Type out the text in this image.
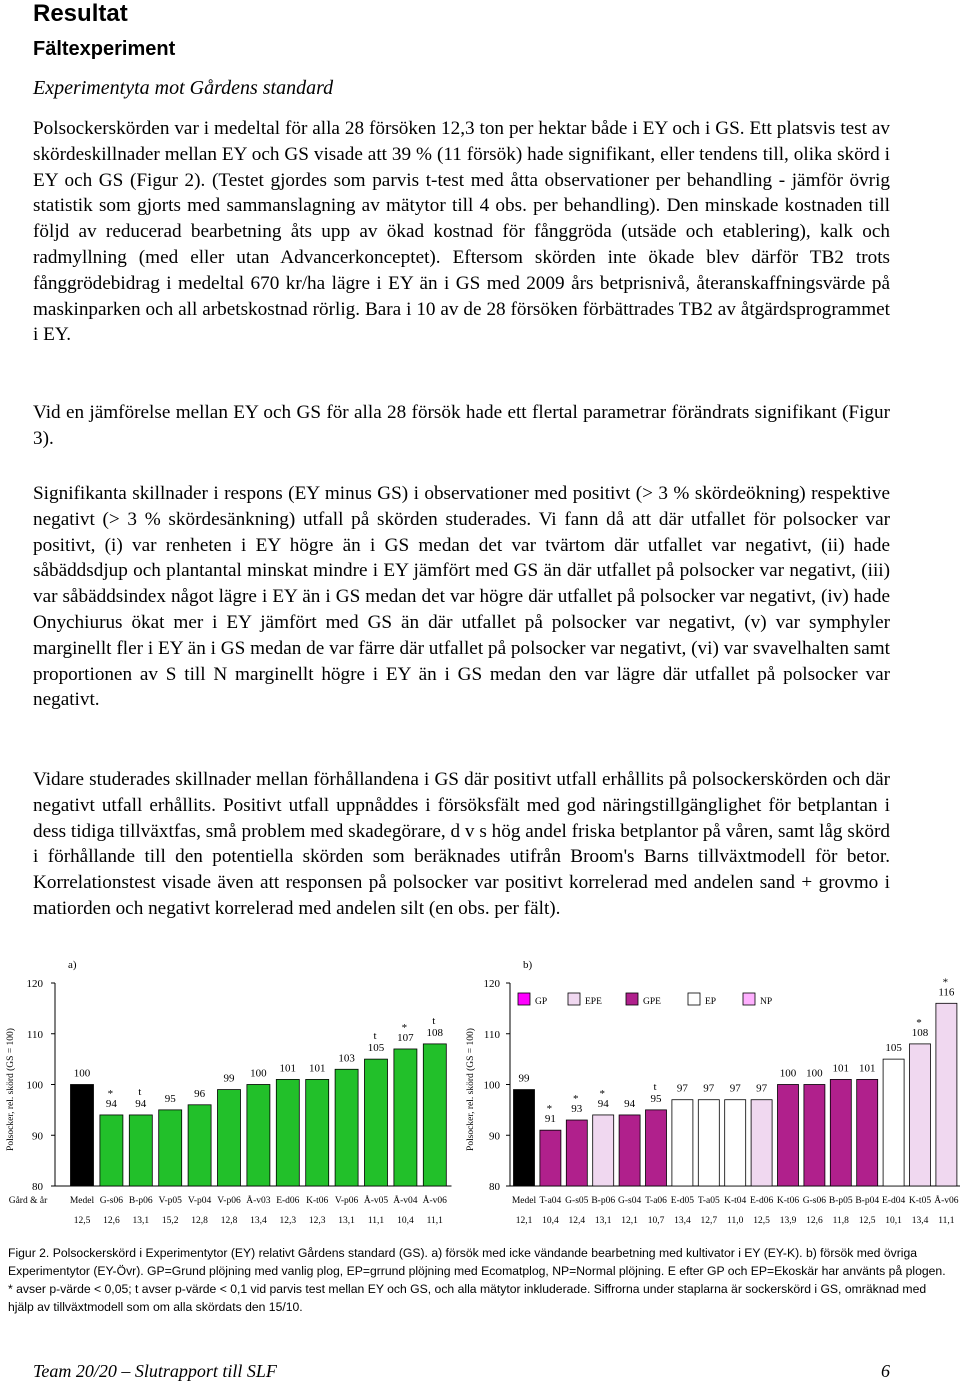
Resultat
Fältexperiment
Experimentyta mot Gårdens standard

Polsockerskörden var i medeltal för alla 28 försöken 12,3 ton per hektar både i EY och i GS. Ett platsvis test av skördeskillnader mellan EY och GS visade att 39 % (11 försök) hade signifikant, eller tendens till, olika skörd i EY och GS (Figur 2). (Testet gjordes som parvis t-test med åtta observationer per behandling - jämför övrig statistik som gjorts med sammanslagning av mätytor till 4 obs. per behandling). Den minskade kostnaden till följd av reducerad bearbetning åts upp av ökad kostnad för fånggröda (utsäde och etablering), kalk och radmyllning (med eller utan Advancerkonceptet). Eftersom skörden inte ökade blev därför TB2 trots fånggrödebidrag i medeltal 670 kr/ha lägre i EY än i GS med 2009 års betprisnivå, återanskaffningsvärde på maskinparken och all arbetskostnad rörlig. Bara i 10 av de 28 försöken förbättrades TB2 av åtgärdsprogrammet i EY.

Vid en jämförelse mellan EY och GS för alla 28 försök hade ett flertal parametrar förändrats signifikant (Figur 3).

Signifikanta skillnader i respons (EY minus GS) i observationer med positivt (> 3 % skördeökning) respektive negativt (> 3 % skördesänkning) utfall på skörden studerades. Vi fann då att där utfallet för polsocker var positivt, (i) var renheten i EY högre än i GS medan det var tvärtom där utfallet var negativt, (ii) hade såbäddsdjup och plantantal minskat mindre i EY jämfört med GS än där utfallet på polsocker var negativt, (iii) var såbäddsindex något lägre i EY än i GS medan det var högre där utfallet på polsocker var negativt, (iv) hade Onychiurus ökat mer i EY jämfört med GS än där utfallet på polsocker var negativt, (v) var symphyler marginellt fler i EY än i GS medan de var färre där utfallet på polsocker var negativt, (vi) var svavelhalten samt proportionen av S till N marginellt högre i EY än i GS medan den var lägre där utfallet på polsocker var negativt.

Vidare studerades skillnader mellan förhållandena i GS där positivt utfall erhållits på polsockerskörden och där negativt utfall erhållits. Positivt utfall uppnåddes i försöksfält med god näringstillgänglighet för betplantan i dess tidiga tillväxtfas, små problem med skadegörare, d v s hög andel friska betplantor på våren, samt låg skörd i förhållande till den potentiella skörden som beräknades utifrån Broom's Barns tillväxtmodell för betor. Korrelationstest visade även att responsen på polsocker var positivt korrelerad med andelen sand + grovmo i matiorden och negativt korrelerad med andelen silt (en obs. per fält).

80
90
100
110
120
Polsocker, rel. skörd (GS = 100)
a)
Gård & år
100
Medel
12,5
94
*
G-s06
12,6
94
t
B-p06
13,1
95
V-p05
15,2
96
V-p04
12,8
99
V-p06
12,8
100
Å-v03
13,4
101
E-d06
12,3
101
K-t06
12,3
103
V-p06
13,1
105
t
Å-v05
11,1
107
*
Å-v04
10,4
108
t
Å-v06
11,1
80
90
100
110
120
Polsocker, rel. skörd (GS = 100)
b)
GP	EPE	GPE	EP	NP
99
Medel
12,1
91
*
T-a04
10,4
93
*
G-s05
12,4
94
*
B-p06
13,1
94
G-s04
12,1
95
t
T-a06
10,7
97
E-d05
13,4
97
T-a05
12,7
97
K-t04
11,0
97
E-d06
12,5
100
K-t06
13,9
100
G-s06
12,6
101
B-p05
11,8
101
B-p04
12,5
105
E-d04
10,1
108
*
K-t05
13,4
116
*
Å-v06
11,1

Figur 2. Polsockerskörd i Experimentytor (EY) relativt Gårdens standard (GS). a) försök med icke vändande bearbetning med kultivator i EY (EY-K). b) försök med övriga Experimentytor (EY-Övr). GP=Grund plöjning med vanlig plog, EP=grrund plöjning med Ecomatplog, NP=Normal plöjning. E efter GP och EP=Ekoskär har använts på plogen. * avser p-värde < 0,05; t avser p-värde < 0,1 vid parvis test mellan EY och GS, och alla mätytor inkluderade. Siffrorna under staplarna är sockerskörd i GS, omräknad med hjälp av tillväxtmodell som om alla skördats den 15/10.

Team 20/20 – Slutrapport till SLF	6
